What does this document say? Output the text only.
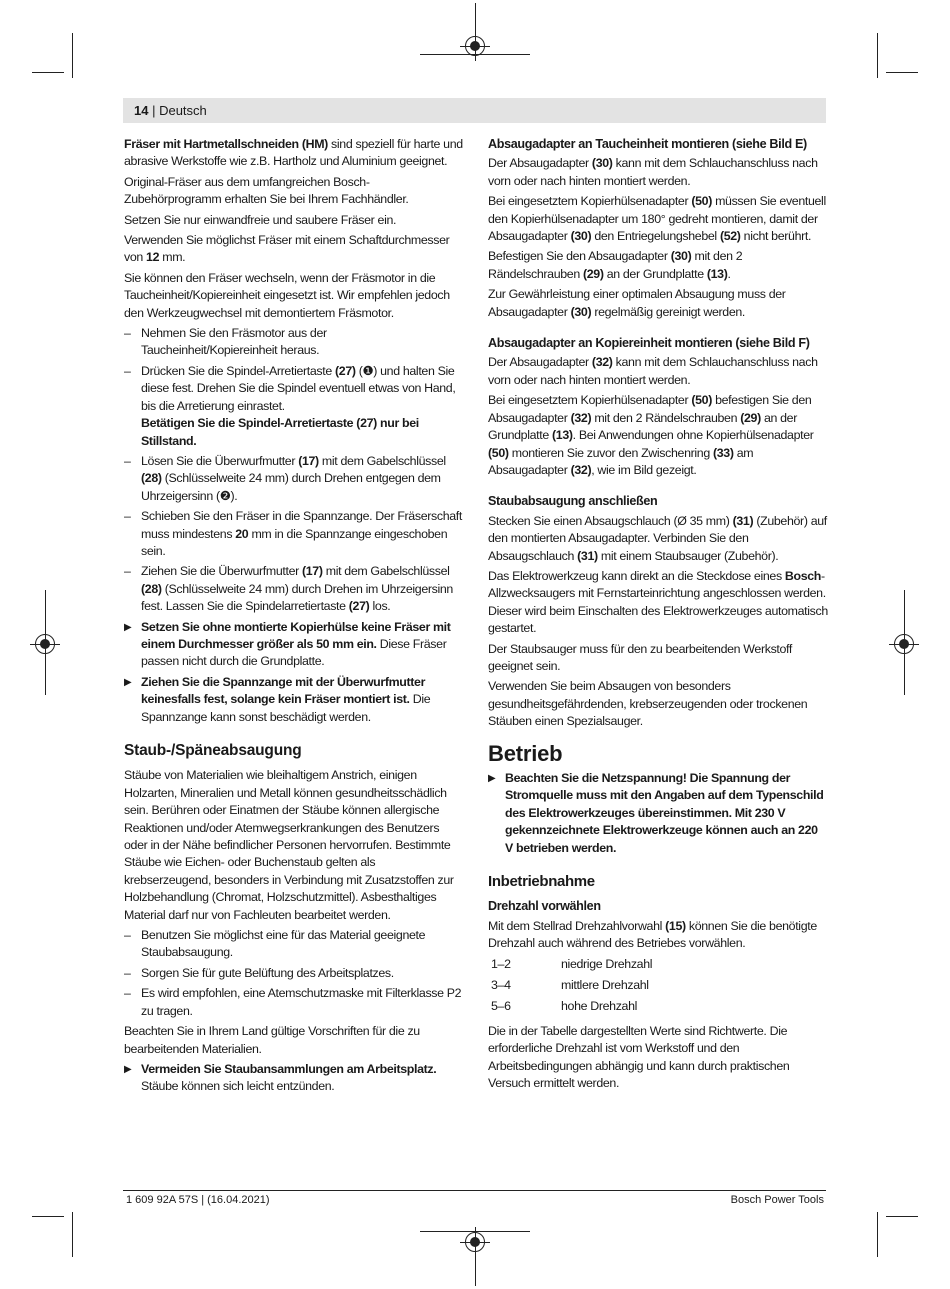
14 | Deutsch

Fräser mit Hartmetallschneiden (HM) sind speziell für harte und abrasive Werkstoffe wie z.B. Hartholz und Aluminium geeignet.

Original-Fräser aus dem umfangreichen Bosch-Zubehörprogramm erhalten Sie bei Ihrem Fachhändler.

Setzen Sie nur einwandfreie und saubere Fräser ein.

Verwenden Sie möglichst Fräser mit einem Schaftdurchmesser von 12 mm.

Sie können den Fräser wechseln, wenn der Fräsmotor in die Taucheinheit/Kopiereinheit eingesetzt ist. Wir empfehlen jedoch den Werkzeugwechsel mit demontiertem Fräsmotor.

– Nehmen Sie den Fräsmotor aus der Taucheinheit/Kopiereinheit heraus.
– Drücken Sie die Spindel-Arretiertaste (27) (❶) und halten Sie diese fest. Drehen Sie die Spindel eventuell etwas von Hand, bis die Arretierung einrastet.
Betätigen Sie die Spindel-Arretiertaste (27) nur bei Stillstand.
– Lösen Sie die Überwurfmutter (17) mit dem Gabelschlüssel (28) (Schlüsselweite 24 mm) durch Drehen entgegen dem Uhrzeigersinn (❷).
– Schieben Sie den Fräser in die Spannzange. Der Fräserschaft muss mindestens 20 mm in die Spannzange eingeschoben sein.
– Ziehen Sie die Überwurfmutter (17) mit dem Gabelschlüssel (28) (Schlüsselweite 24 mm) durch Drehen im Uhrzeigersinn fest. Lassen Sie die Spindelarretiertaste (27) los.
▶ Setzen Sie ohne montierte Kopierhülse keine Fräser mit einem Durchmesser größer als 50 mm ein. Diese Fräser passen nicht durch die Grundplatte.
▶ Ziehen Sie die Spannzange mit der Überwurfmutter keinesfalls fest, solange kein Fräser montiert ist. Die Spannzange kann sonst beschädigt werden.
Staub-/Späneabsaugung

Stäube von Materialien wie bleihaltigem Anstrich, einigen Holzarten, Mineralien und Metall können gesundheitsschädlich sein. Berühren oder Einatmen der Stäube können allergische Reaktionen und/oder Atemwegserkrankungen des Benutzers oder in der Nähe befindlicher Personen hervorrufen. Bestimmte Stäube wie Eichen- oder Buchenstaub gelten als krebserzeugend, besonders in Verbindung mit Zusatzstoffen zur Holzbehandlung (Chromat, Holzschutzmittel). Asbesthaltiges Material darf nur von Fachleuten bearbeitet werden.

– Benutzen Sie möglichst eine für das Material geeignete Staubabsaugung.
– Sorgen Sie für gute Belüftung des Arbeitsplatzes.
– Es wird empfohlen, eine Atemschutzmaske mit Filterklasse P2 zu tragen.

Beachten Sie in Ihrem Land gültige Vorschriften für die zu bearbeitenden Materialien.

▶ Vermeiden Sie Staubansammlungen am Arbeitsplatz. Stäube können sich leicht entzünden.
Absaugadapter an Taucheinheit montieren (siehe Bild E)

Der Absaugadapter (30) kann mit dem Schlauchanschluss nach vorn oder nach hinten montiert werden.

Bei eingesetztem Kopierhülsenadapter (50) müssen Sie eventuell den Kopierhülsenadapter um 180° gedreht montieren, damit der Absaugadapter (30) den Entriegelungshebel (52) nicht berührt.

Befestigen Sie den Absaugadapter (30) mit den 2 Rändelschrauben (29) an der Grundplatte (13).

Zur Gewährleistung einer optimalen Absaugung muss der Absaugadapter (30) regelmäßig gereinigt werden.

Absaugadapter an Kopiereinheit montieren (siehe Bild F)

Der Absaugadapter (32) kann mit dem Schlauchanschluss nach vorn oder nach hinten montiert werden.

Bei eingesetztem Kopierhülsenadapter (50) befestigen Sie den Absaugadapter (32) mit den 2 Rändelschrauben (29) an der Grundplatte (13). Bei Anwendungen ohne Kopierhülsenadapter (50) montieren Sie zuvor den Zwischenring (33) am Absaugadapter (32), wie im Bild gezeigt.

Staubabsaugung anschließen

Stecken Sie einen Absaugschlauch (Ø 35 mm) (31) (Zubehör) auf den montierten Absaugadapter. Verbinden Sie den Absaugschlauch (31) mit einem Staubsauger (Zubehör).

Das Elektrowerkzeug kann direkt an die Steckdose eines Bosch-Allzwecksaugers mit Fernstarteinrichtung angeschlossen werden. Dieser wird beim Einschalten des Elektrowerkzeuges automatisch gestartet.

Der Staubsauger muss für den zu bearbeitenden Werkstoff geeignet sein.

Verwenden Sie beim Absaugen von besonders gesundheitsgefährdenden, krebserzeugenden oder trockenen Stäuben einen Spezialsauger.

Betrieb
▶ Beachten Sie die Netzspannung! Die Spannung der Stromquelle muss mit den Angaben auf dem Typenschild des Elektrowerkzeuges übereinstimmen. Mit 230 V gekennzeichnete Elektrowerkzeuge können auch an 220 V betrieben werden.
Inbetriebnahme
Drehzahl vorwählen

Mit dem Stellrad Drehzahlvorwahl (15) können Sie die benötigte Drehzahl auch während des Betriebes vorwählen.

1–2	niedrige Drehzahl
3–4	mittlere Drehzahl
5–6	hohe Drehzahl

Die in der Tabelle dargestellten Werte sind Richtwerte. Die erforderliche Drehzahl ist vom Werkstoff und den Arbeitsbedingungen abhängig und kann durch praktischen Versuch ermittelt werden.

1 609 92A 57S | (16.04.2021)	Bosch Power Tools
